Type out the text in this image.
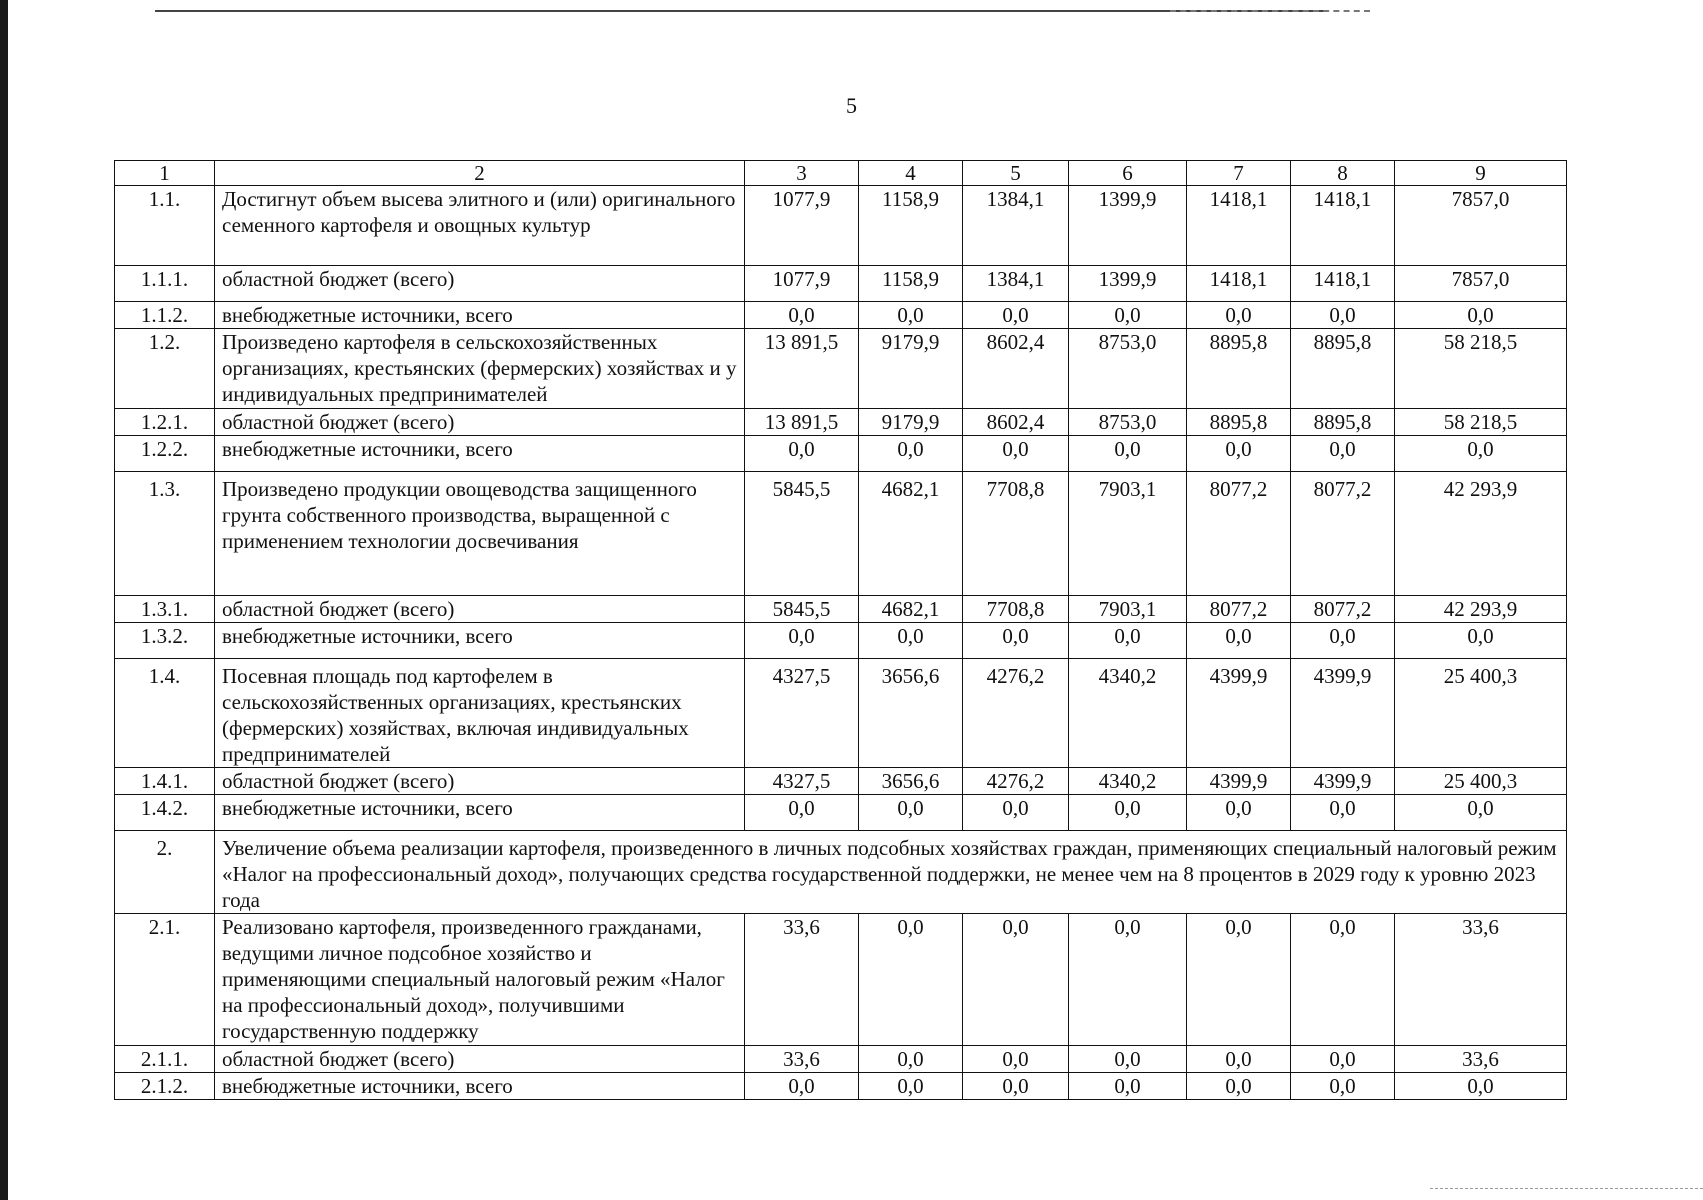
5
1	2	3	4	5	6	7	8	9
1.1.	Достигнут объем высева элитного и (или) оригинального семенного картофеля и овощных культур	1077,9	1158,9	1384,1	1399,9	1418,1	1418,1	7857,0
1.1.1.	областной бюджет (всего)	1077,9	1158,9	1384,1	1399,9	1418,1	1418,1	7857,0
1.1.2.	внебюджетные источники, всего	0,0	0,0	0,0	0,0	0,0	0,0	0,0
1.2.	Произведено картофеля в сельскохозяйственных организациях, крестьянских (фермерских) хозяйствах и у индивидуальных предпринимателей	13 891,5	9179,9	8602,4	8753,0	8895,8	8895,8	58 218,5
1.2.1.	областной бюджет (всего)	13 891,5	9179,9	8602,4	8753,0	8895,8	8895,8	58 218,5
1.2.2.	внебюджетные источники, всего	0,0	0,0	0,0	0,0	0,0	0,0	0,0
1.3.	Произведено продукции овощеводства защищенного грунта собственного производства, выращенной с применением технологии досвечивания	5845,5	4682,1	7708,8	7903,1	8077,2	8077,2	42 293,9
1.3.1.	областной бюджет (всего)	5845,5	4682,1	7708,8	7903,1	8077,2	8077,2	42 293,9
1.3.2.	внебюджетные источники, всего	0,0	0,0	0,0	0,0	0,0	0,0	0,0
1.4.	Посевная площадь под картофелем в сельскохозяйственных организациях, крестьянских (фермерских) хозяйствах, включая индивидуальных предпринимателей	4327,5	3656,6	4276,2	4340,2	4399,9	4399,9	25 400,3
1.4.1.	областной бюджет (всего)	4327,5	3656,6	4276,2	4340,2	4399,9	4399,9	25 400,3
1.4.2.	внебюджетные источники, всего	0,0	0,0	0,0	0,0	0,0	0,0	0,0
2.	Увеличение объема реализации картофеля, произведенного в личных подсобных хозяйствах граждан, применяющих специальный налоговый режим «Налог на профессиональный доход», получающих средства государственной поддержки, не менее чем на 8 процентов в 2029 году к уровню 2023 года							
2.1.	Реализовано картофеля, произведенного гражданами, ведущими личное подсобное хозяйство и применяющими специальный налоговый режим «Налог на профессиональный доход», получившими государственную поддержку	33,6	0,0	0,0	0,0	0,0	0,0	33,6
2.1.1.	областной бюджет (всего)	33,6	0,0	0,0	0,0	0,0	0,0	33,6
2.1.2.	внебюджетные источники, всего	0,0	0,0	0,0	0,0	0,0	0,0	0,0
